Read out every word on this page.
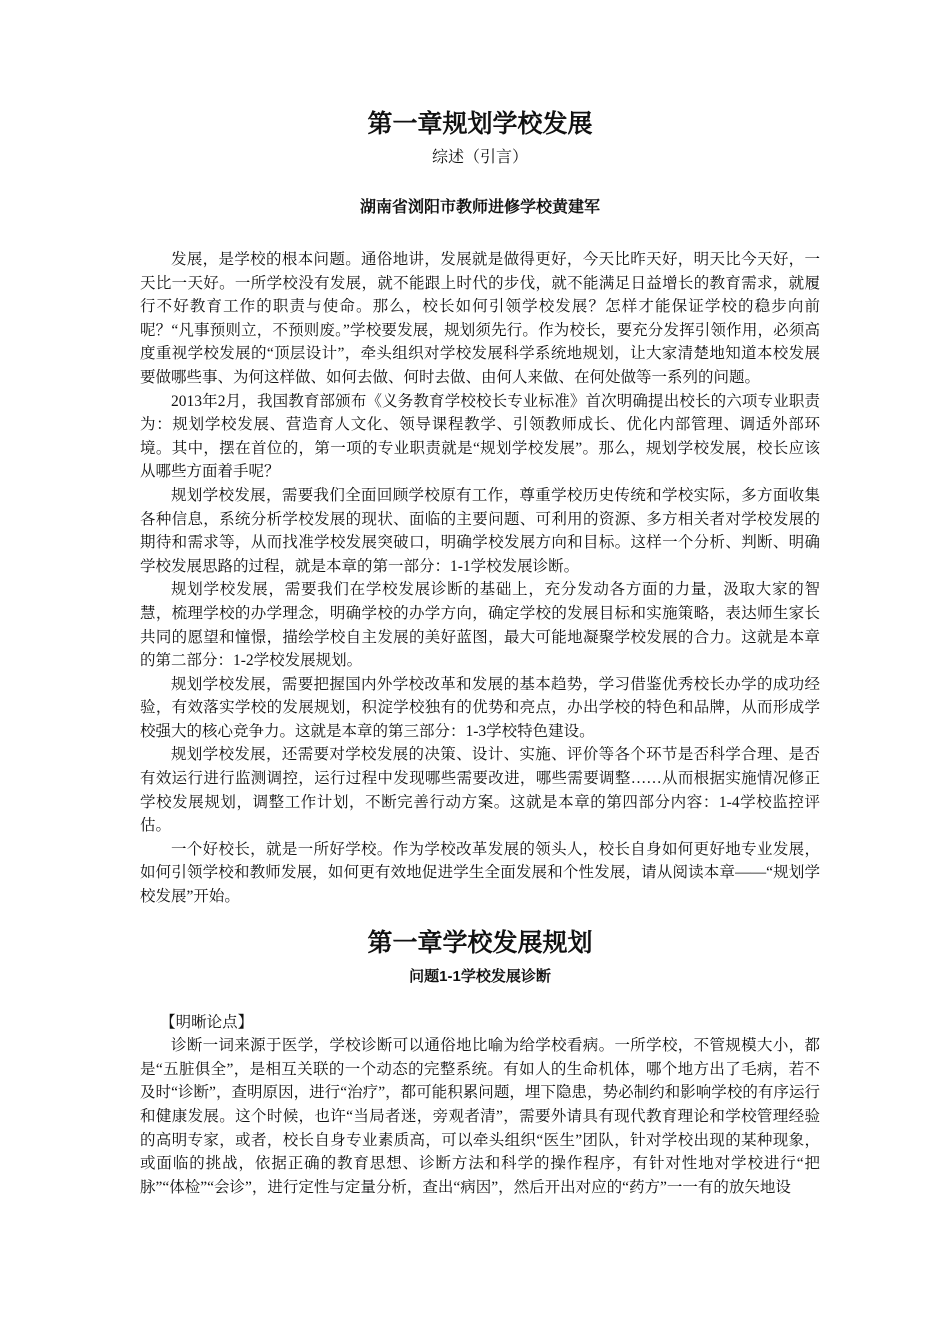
第一章规划学校发展
综述（引言）
湖南省浏阳市教师进修学校黄建军

发展，是学校的根本问题。通俗地讲，发展就是做得更好，今天比昨天好，明天比今天好，一天比一天好。一所学校没有发展，就不能跟上时代的步伐，就不能满足日益增长的教育需求，就履行不好教育工作的职责与使命。那么，校长如何引领学校发展？怎样才能保证学校的稳步向前呢？“凡事预则立，不预则废。”学校要发展，规划须先行。作为校长，要充分发挥引领作用，必须高度重视学校发展的“顶层设计”，牵头组织对学校发展科学系统地规划，让大家清楚地知道本校发展要做哪些事、为何这样做、如何去做、何时去做、由何人来做、在何处做等一系列的问题。

2013年2月，我国教育部颁布《义务教育学校校长专业标准》首次明确提出校长的六项专业职责为：规划学校发展、营造育人文化、领导课程教学、引领教师成长、优化内部管理、调适外部环境。其中，摆在首位的，第一项的专业职责就是“规划学校发展”。那么，规划学校发展，校长应该从哪些方面着手呢？

规划学校发展，需要我们全面回顾学校原有工作，尊重学校历史传统和学校实际，多方面收集各种信息，系统分析学校发展的现状、面临的主要问题、可利用的资源、多方相关者对学校发展的期待和需求等，从而找准学校发展突破口，明确学校发展方向和目标。这样一个分析、判断、明确学校发展思路的过程，就是本章的第一部分：1-1学校发展诊断。

规划学校发展，需要我们在学校发展诊断的基础上，充分发动各方面的力量，汲取大家的智慧，梳理学校的办学理念，明确学校的办学方向，确定学校的发展目标和实施策略，表达师生家长共同的愿望和憧憬，描绘学校自主发展的美好蓝图，最大可能地凝聚学校发展的合力。这就是本章的第二部分：1-2学校发展规划。

规划学校发展，需要把握国内外学校改革和发展的基本趋势，学习借鉴优秀校长办学的成功经验，有效落实学校的发展规划，积淀学校独有的优势和亮点，办出学校的特色和品牌，从而形成学校强大的核心竞争力。这就是本章的第三部分：1-3学校特色建设。

规划学校发展，还需要对学校发展的决策、设计、实施、评价等各个环节是否科学合理、是否有效运行进行监测调控，运行过程中发现哪些需要改进，哪些需要调整……从而根据实施情况修正学校发展规划，调整工作计划，不断完善行动方案。这就是本章的第四部分内容：1-4学校监控评估。

一个好校长，就是一所好学校。作为学校改革发展的领头人，校长自身如何更好地专业发展，如何引领学校和教师发展，如何更有效地促进学生全面发展和个性发展，请从阅读本章——“规划学校发展”开始。

第一章学校发展规划
问题1-1学校发展诊断
【明晰论点】

诊断一词来源于医学，学校诊断可以通俗地比喻为给学校看病。一所学校，不管规模大小，都是“五脏俱全”，是相互关联的一个动态的完整系统。有如人的生命机体，哪个地方出了毛病，若不及时“诊断”，查明原因，进行“治疗”，都可能积累问题，埋下隐患，势必制约和影响学校的有序运行和健康发展。这个时候，也许“当局者迷，旁观者清”，需要外请具有现代教育理论和学校管理经验的高明专家，或者，校长自身专业素质高，可以牵头组织“医生”团队，针对学校出现的某种现象，或面临的挑战，依据正确的教育思想、诊断方法和科学的操作程序，有针对性地对学校进行“把脉”“体检”“会诊”，进行定性与定量分析，查出“病因”，然后开出对应的“药方”一一有的放矢地设
